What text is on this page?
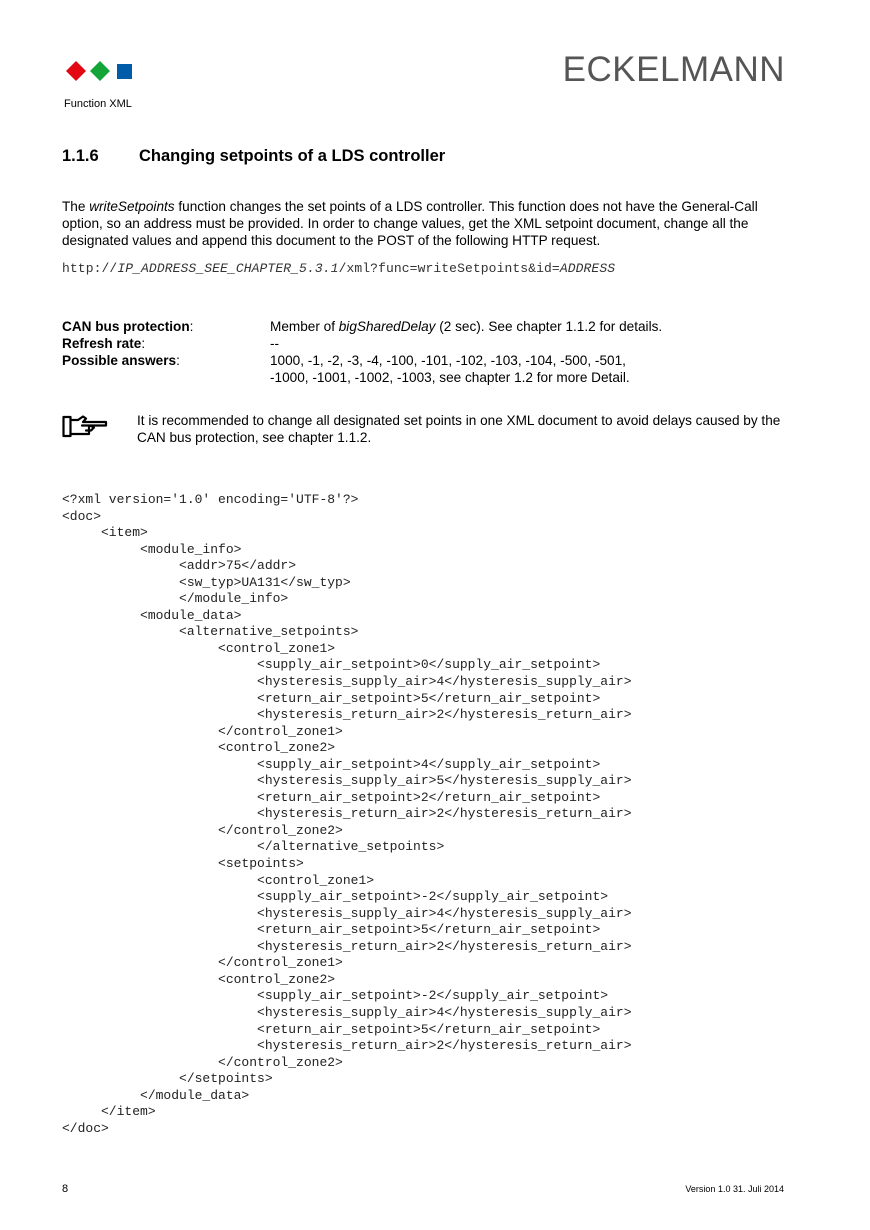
ECKELMANN
Function XML
1.1.6 Changing setpoints of a LDS controller
The writeSetpoints function changes the set points of a LDS controller. This function does not have the General-Call option, so an address must be provided. In order to change values, get the XML setpoint document, change all the designated values and append this document to the POST of the following HTTP request.
http://IP_ADDRESS_SEE_CHAPTER_5.3.1/xml?func=writeSetpoints&id=ADDRESS
CAN bus protection:	Member of bigSharedDelay (2 sec). See chapter 1.1.2 for details.
Refresh rate:	--
Possible answers:	1000, -1, -2, -3, -4, -100, -101, -102, -103, -104, -500, -501,
-1000, -1001, -1002, -1003, see chapter 1.2 for more Detail.
It is recommended to change all designated set points in one XML document to avoid delays caused by the CAN bus protection, see chapter 1.1.2.
<?xml version='1.0' encoding='UTF-8'?>
<doc>
<item>
<module_info>
<addr>75</addr>
<sw_typ>UA131</sw_typ>
</module_info>
<module_data>
<alternative_setpoints>
<control_zone1>
<supply_air_setpoint>0</supply_air_setpoint>
<hysteresis_supply_air>4</hysteresis_supply_air>
<return_air_setpoint>5</return_air_setpoint>
<hysteresis_return_air>2</hysteresis_return_air>
</control_zone1>
<control_zone2>
<supply_air_setpoint>4</supply_air_setpoint>
<hysteresis_supply_air>5</hysteresis_supply_air>
<return_air_setpoint>2</return_air_setpoint>
<hysteresis_return_air>2</hysteresis_return_air>
</control_zone2>
</alternative_setpoints>
<setpoints>
<control_zone1>
<supply_air_setpoint>-2</supply_air_setpoint>
<hysteresis_supply_air>4</hysteresis_supply_air>
<return_air_setpoint>5</return_air_setpoint>
<hysteresis_return_air>2</hysteresis_return_air>
</control_zone1>
<control_zone2>
<supply_air_setpoint>-2</supply_air_setpoint>
<hysteresis_supply_air>4</hysteresis_supply_air>
<return_air_setpoint>5</return_air_setpoint>
<hysteresis_return_air>2</hysteresis_return_air>
</control_zone2>
</setpoints>
</module_data>
</item>
</doc>
8	Version 1.0 31. Juli 2014
